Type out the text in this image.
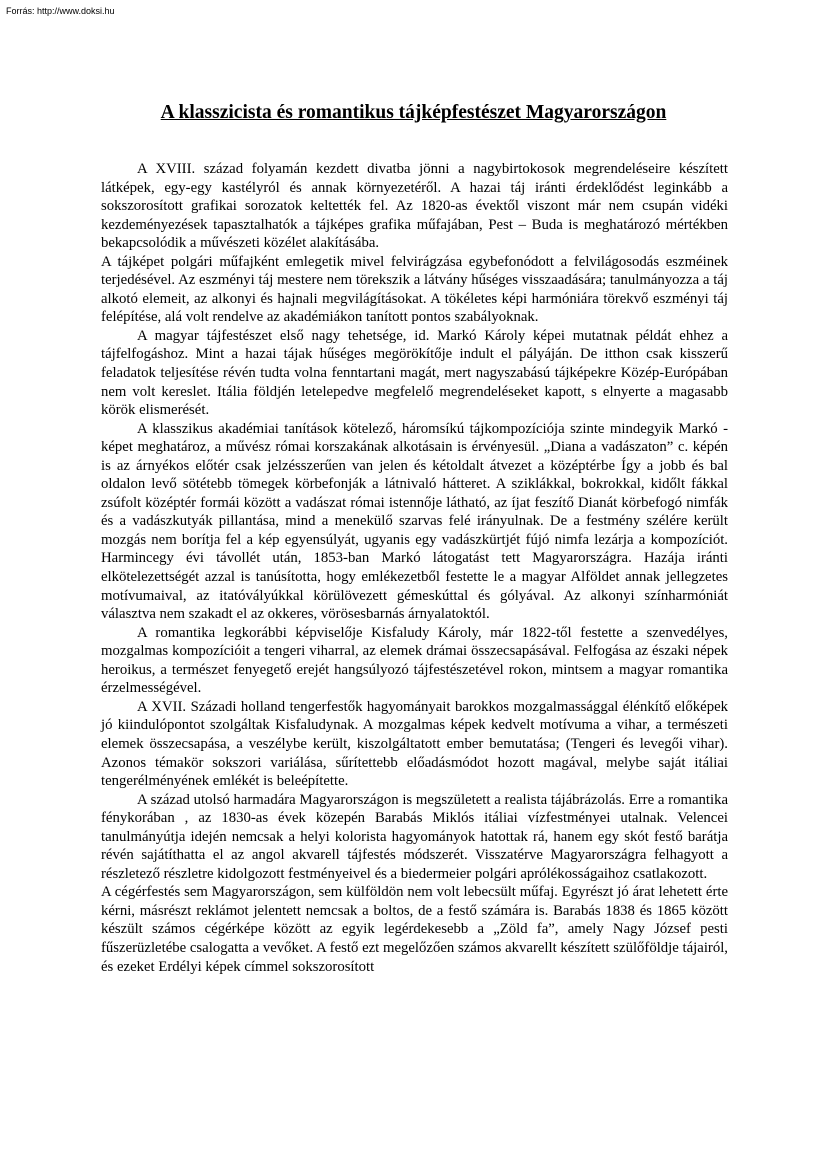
Forrás: http://www.doksi.hu
A klasszicista és romantikus tájképfestészet Magyarországon

A XVIII. század folyamán kezdett divatba jönni a nagybirtokosok megrendeléseire készített látképek, egy-egy kastélyról és annak környezetéről. A hazai táj iránti érdeklődést leginkább a sokszorosított grafikai sorozatok keltették fel. Az 1820-as évektől viszont már nem csupán vidéki kezdeményezések tapasztalhatók a tájképes grafika műfajában, Pest – Buda is meghatározó mértékben bekapcsolódik a művészeti közélet alakításába.

A tájképet polgári műfajként emlegetik mivel felvirágzása egybefonódott a felvilágosodás eszméinek terjedésével. Az eszményi táj mestere nem törekszik a látvány hűséges visszaadására; tanulmányozza a táj alkotó elemeit, az alkonyi és hajnali megvilágításokat. A tökéletes képi harmóniára törekvő eszményi táj felépítése, alá volt rendelve az akadémiákon tanított pontos szabályoknak.

A magyar tájfestészet első nagy tehetsége, id. Markó Károly képei mutatnak példát ehhez a tájfelfogáshoz. Mint a hazai tájak hűséges megörökítője indult el pályáján. De itthon csak kisszerű feladatok teljesítése révén tudta volna fenntartani magát, mert nagyszabású tájképekre Közép-Európában nem volt kereslet. Itália földjén letelepedve megfelelő megrendeléseket kapott, s elnyerte a magasabb körök elismerését.

A klasszikus akadémiai tanítások kötelező, háromsíkú tájkompozíciója szinte mindegyik Markó - képet meghatároz, a művész római korszakának alkotásain is érvényesül. „Diana a vadászaton” c. képén is az árnyékos előtér csak jelzésszerűen van jelen és kétoldalt átvezet a középtérbe Így a jobb és bal oldalon levő sötétebb tömegek körbefonják a látnivaló hátteret. A sziklákkal, bokrokkal, kidőlt fákkal zsúfolt középtér formái között a vadászat római istennője látható, az íjat feszítő Dianát körbefogó nimfák és a vadászkutyák pillantása, mind a menekülő szarvas felé irányulnak. De a festmény szélére került mozgás nem borítja fel a kép egyensúlyát, ugyanis egy vadászkürtjét fújó nimfa lezárja a kompozíciót. Harmincegy évi távollét után, 1853-ban Markó látogatást tett Magyarországra. Hazája iránti elkötelezettségét azzal is tanúsította, hogy emlékezetből festette le a magyar Alföldet annak jellegzetes motívumaival, az itatóvályúkkal körülövezett gémeskúttal és gólyával. Az alkonyi színharmóniát választva nem szakadt el az okkeres, vörösesbarnás árnyalatoktól.

A romantika legkorábbi képviselője Kisfaludy Károly, már 1822-től festette a szenvedélyes, mozgalmas kompozícióit a tengeri viharral, az elemek drámai összecsapásával. Felfogása az északi népek heroikus, a természet fenyegető erejét hangsúlyozó tájfestészetével rokon, mintsem a magyar romantika érzelmességével.

A XVII. Századi holland tengerfestők hagyományait barokkos mozgalmassággal élénkítő előképek jó kiindulópontot szolgáltak Kisfaludynak. A mozgalmas képek kedvelt motívuma a vihar, a természeti elemek összecsapása, a veszélybe került, kiszolgáltatott ember bemutatása; (Tengeri és levegői vihar). Azonos témakör sokszori variálása, sűrítettebb előadásmódot hozott magával, melybe saját itáliai tengerélményének emlékét is beleépítette.

A század utolsó harmadára Magyarországon is megszületett a realista tájábrázolás. Erre a romantika fénykorában , az 1830-as évek közepén Barabás Miklós itáliai vízfestményei utalnak. Velencei tanulmányútja idején nemcsak a helyi kolorista hagyományok hatottak rá, hanem egy skót festő barátja révén sajátíthatta el az angol akvarell tájfestés módszerét. Visszatérve Magyarországra felhagyott a részletező részletre kidolgozott festményeivel és a biedermeier polgári aprólékosságaihoz csatlakozott.

A cégérfestés sem Magyarországon, sem külföldön nem volt lebecsült műfaj. Egyrészt jó árat lehetett érte kérni, másrészt reklámot jelentett nemcsak a boltos, de a festő számára is. Barabás 1838 és 1865 között készült számos cégérképe között az egyik legérdekesebb a „Zöld fa”, amely Nagy József pesti fűszerüzletébe csalogatta a vevőket. A festő ezt megelőzően számos akvarellt készített szülőföldje tájairól, és ezeket Erdélyi képek címmel sokszorosított
